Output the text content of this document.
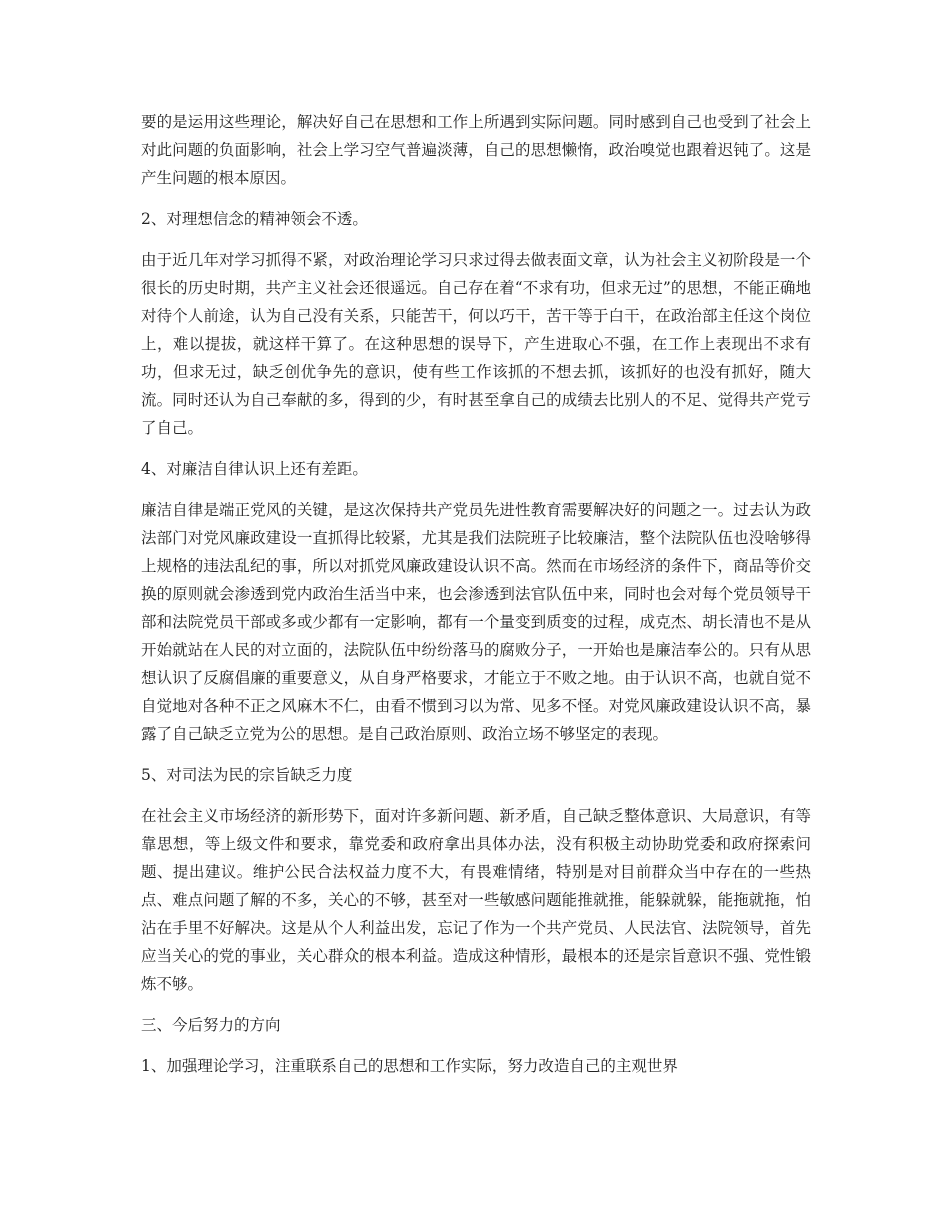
要的是运用这些理论，解决好自己在思想和工作上所遇到实际问题。同时感到自己也受到了社会上对此问题的负面影响，社会上学习空气普遍淡薄，自己的思想懒惰，政治嗅觉也跟着迟钝了。这是产生问题的根本原因。

2、对理想信念的精神领会不透。

由于近几年对学习抓得不紧，对政治理论学习只求过得去做表面文章，认为社会主义初阶段是一个很长的历史时期，共产主义社会还很遥远。自己存在着“不求有功，但求无过”的思想，不能正确地对待个人前途，认为自己没有关系，只能苦干，何以巧干，苦干等于白干，在政治部主任这个岗位上，难以提拔，就这样干算了。在这种思想的误导下，产生进取心不强，在工作上表现出不求有功，但求无过，缺乏创优争先的意识，使有些工作该抓的不想去抓，该抓好的也没有抓好，随大流。同时还认为自己奉献的多，得到的少，有时甚至拿自己的成绩去比别人的不足、觉得共产党亏了自己。

4、对廉洁自律认识上还有差距。

廉洁自律是端正党风的关键，是这次保持共产党员先进性教育需要解决好的问题之一。过去认为政法部门对党风廉政建设一直抓得比较紧，尤其是我们法院班子比较廉洁，整个法院队伍也没啥够得上规格的违法乱纪的事，所以对抓党风廉政建设认识不高。然而在市场经济的条件下，商品等价交换的原则就会渗透到党内政治生活当中来，也会渗透到法官队伍中来，同时也会对每个党员领导干部和法院党员干部或多或少都有一定影响，都有一个量变到质变的过程，成克杰、胡长清也不是从开始就站在人民的对立面的，法院队伍中纷纷落马的腐败分子，一开始也是廉洁奉公的。只有从思想认识了反腐倡廉的重要意义，从自身严格要求，才能立于不败之地。由于认识不高，也就自觉不自觉地对各种不正之风麻木不仁，由看不惯到习以为常、见多不怪。对党风廉政建设认识不高，暴露了自己缺乏立党为公的思想。是自己政治原则、政治立场不够坚定的表现。

5、对司法为民的宗旨缺乏力度

在社会主义市场经济的新形势下，面对许多新问题、新矛盾，自己缺乏整体意识、大局意识，有等靠思想，等上级文件和要求，靠党委和政府拿出具体办法，没有积极主动协助党委和政府探索问题、提出建议。维护公民合法权益力度不大，有畏难情绪，特别是对目前群众当中存在的一些热点、难点问题了解的不多，关心的不够，甚至对一些敏感问题能推就推，能躲就躲，能拖就拖，怕沾在手里不好解决。这是从个人利益出发，忘记了作为一个共产党员、人民法官、法院领导，首先应当关心的党的事业，关心群众的根本利益。造成这种情形，最根本的还是宗旨意识不强、党性锻炼不够。

三、今后努力的方向

1、加强理论学习，注重联系自己的思想和工作实际，努力改造自己的主观世界
